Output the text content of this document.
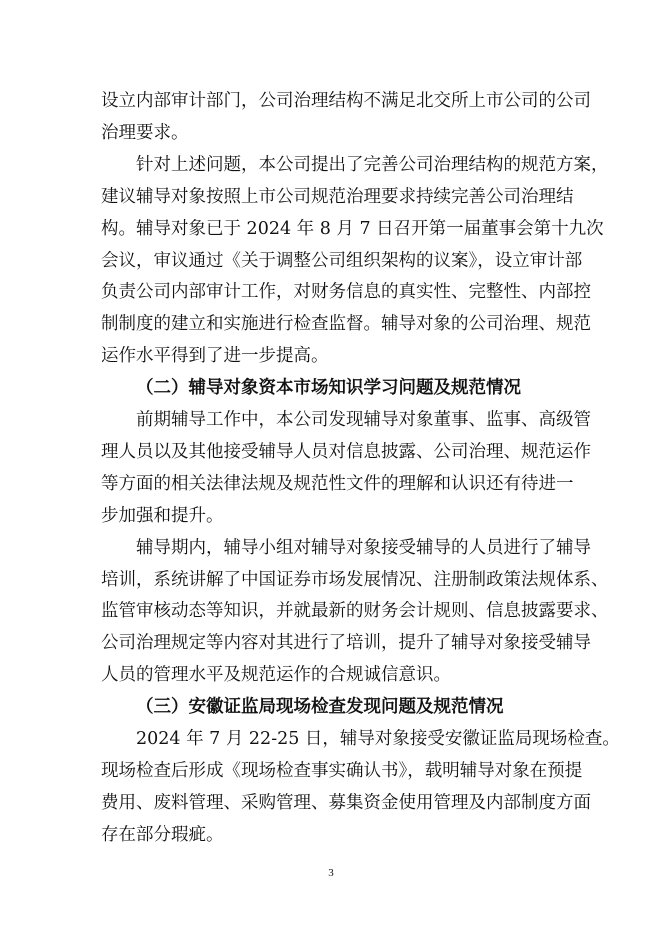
设立内部审计部门，公司治理结构不满足北交所上市公司的公司
治理要求。
针对上述问题，本公司提出了完善公司治理结构的规范方案，
建议辅导对象按照上市公司规范治理要求持续完善公司治理结
构。辅导对象已于 2024 年 8 月 7 日召开第一届董事会第十九次
会议，审议通过《关于调整公司组织架构的议案》，设立审计部
负责公司内部审计工作，对财务信息的真实性、完整性、内部控
制制度的建立和实施进行检查监督。辅导对象的公司治理、规范
运作水平得到了进一步提高。
（二）辅导对象资本市场知识学习问题及规范情况
前期辅导工作中，本公司发现辅导对象董事、监事、高级管
理人员以及其他接受辅导人员对信息披露、公司治理、规范运作
等方面的相关法律法规及规范性文件的理解和认识还有待进一
步加强和提升。
辅导期内，辅导小组对辅导对象接受辅导的人员进行了辅导
培训，系统讲解了中国证券市场发展情况、注册制政策法规体系、
监管审核动态等知识，并就最新的财务会计规则、信息披露要求、
公司治理规定等内容对其进行了培训，提升了辅导对象接受辅导
人员的管理水平及规范运作的合规诚信意识。
（三）安徽证监局现场检查发现问题及规范情况
2024 年 7 月 22-25 日，辅导对象接受安徽证监局现场检查。
现场检查后形成《现场检查事实确认书》，载明辅导对象在预提
费用、废料管理、采购管理、募集资金使用管理及内部制度方面
存在部分瑕疵。
3
